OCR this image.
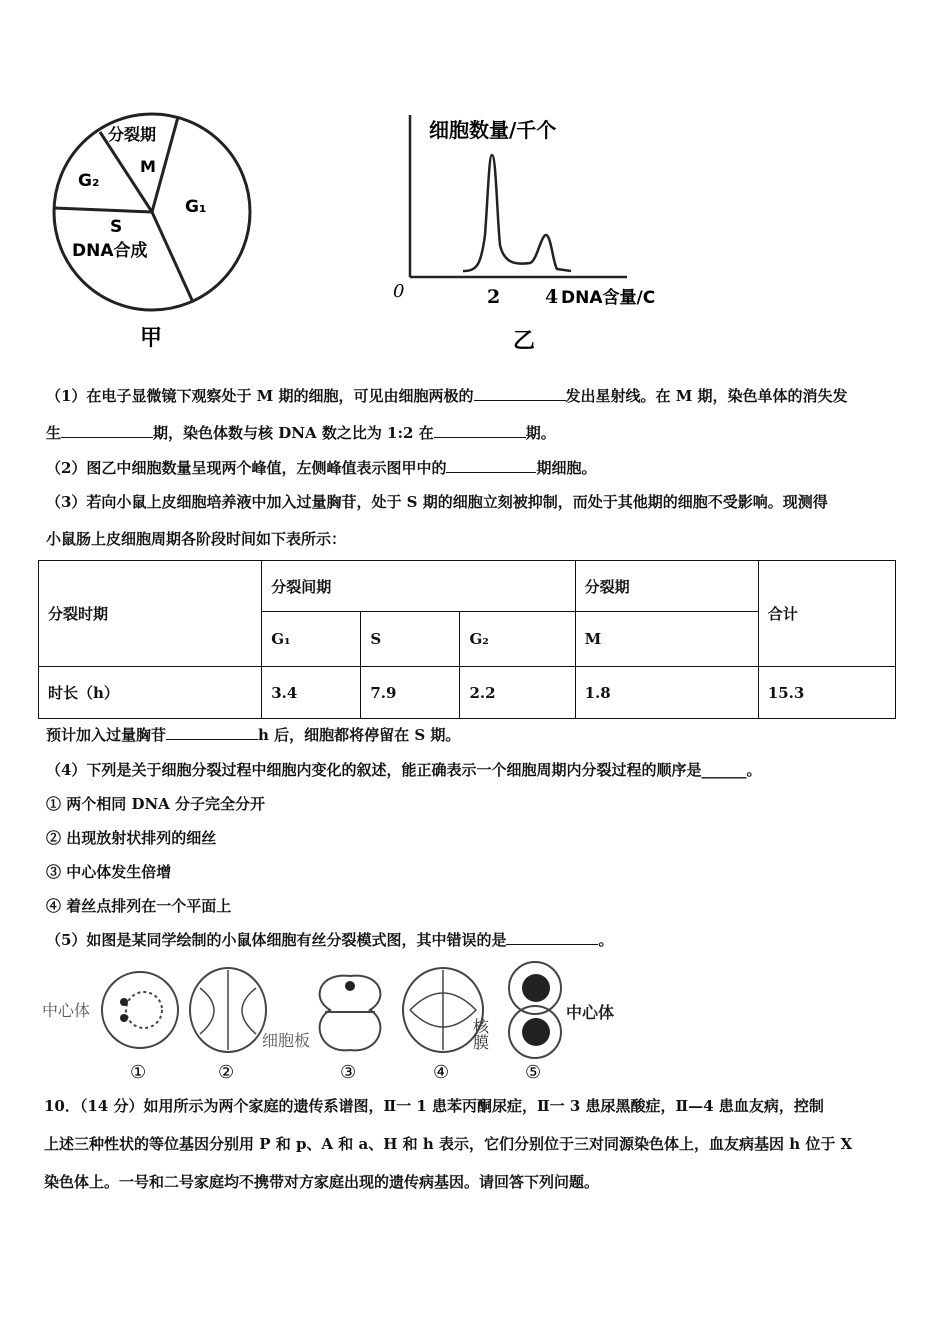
分裂期
M
G₂
G₁
S
DNA合成
甲
细胞数量/千个
0	2 4 DNA含量/C
乙
（1）在电子显微镜下观察处于 M 期的细胞，可见由细胞两极的	发出星射线。在 M 期，染色单体的消失发
生	期，染色体数与核 DNA 数之比为 1:2 在	期。
（2）图乙中细胞数量呈现两个峰值，左侧峰值表示图甲中的	期细胞。
（3）若向小鼠上皮细胞培养液中加入过量胸苷，处于 S 期的细胞立刻被抑制，而处于其他期的细胞不受影响。现测得
小鼠肠上皮细胞周期各阶段时间如下表所示：
分裂时期	分裂间期			分裂期	合计
	G₁	S	G₂	M	
时长（h）	3.4	7.9	2.2	1.8	15.3
预计加入过量胸苷	h 后，细胞都将停留在 S 期。
（4）下列是关于细胞分裂过程中细胞内变化的叙述，能正确表示一个细胞周期内分裂过程的顺序是______。
① 两个相同 DNA 分子完全分开
② 出现放射状排列的细丝
③ 中心体发生倍增
④ 着丝点排列在一个平面上
（5）如图是某同学绘制的小鼠体细胞有丝分裂模式图，其中错误的是	。
中心体
细胞板	核膜
中心体
①	②	③	④	⑤
10．（14 分）如用所示为两个家庭的遗传系谱图，Ⅱ一 1 患苯丙酮尿症，Ⅱ一 3 患尿黑酸症，Ⅱ—4 患血友病，控制
上述三种性状的等位基因分别用 P 和 p、A 和 a、H 和 h 表示，它们分别位于三对同源染色体上，血友病基因 h 位于 X
染色体上。一号和二号家庭均不携带对方家庭出现的遗传病基因。请回答下列问题。
